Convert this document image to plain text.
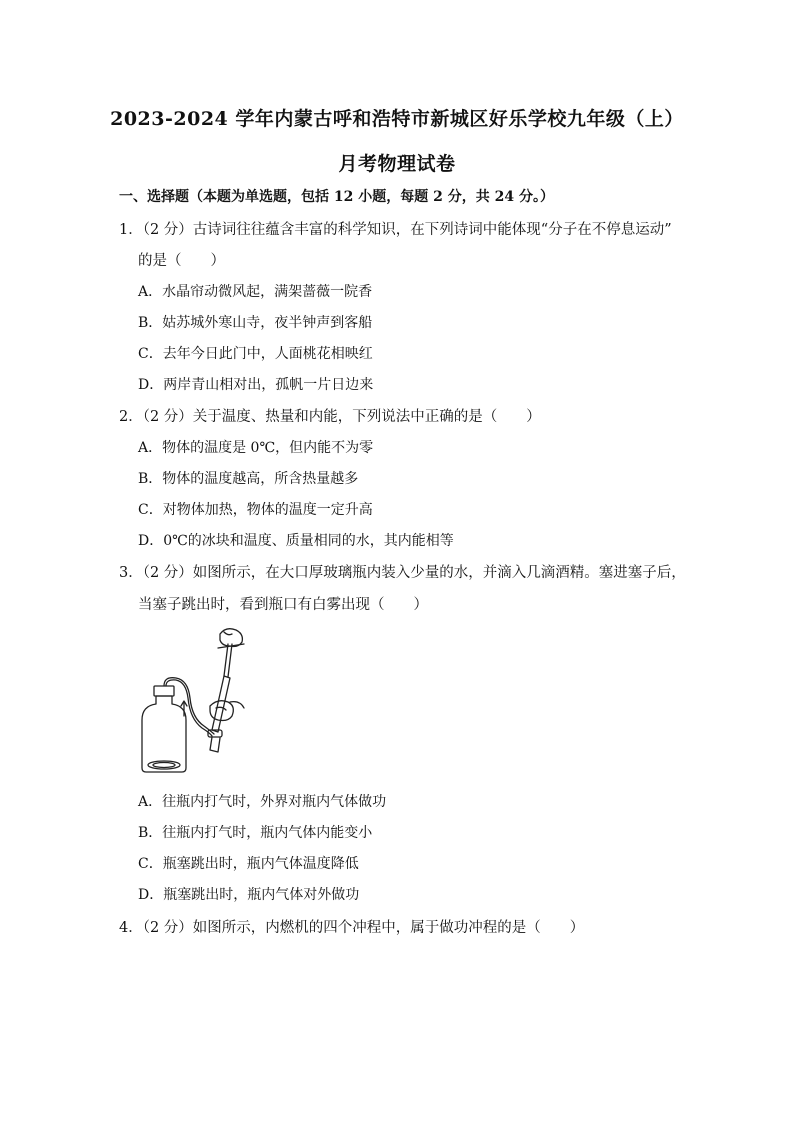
2023-2024 学年内蒙古呼和浩特市新城区好乐学校九年级（上）
月考物理试卷
一、选择题（本题为单选题，包括 12 小题，每题 2 分，共 24 分。）
1．（2 分）古诗词往往蕴含丰富的科学知识，在下列诗词中能体现“分子在不停息运动”
的是（　　）
A．水晶帘动微风起，满架蔷薇一院香
B．姑苏城外寒山寺，夜半钟声到客船
C．去年今日此门中，人面桃花相映红
D．两岸青山相对出，孤帆一片日边来
2．（2 分）关于温度、热量和内能，下列说法中正确的是（　　）
A．物体的温度是 0℃，但内能不为零
B．物体的温度越高，所含热量越多
C．对物体加热，物体的温度一定升高
D．0℃的冰块和温度、质量相同的水，其内能相等
3．（2 分）如图所示，在大口厚玻璃瓶内装入少量的水，并滴入几滴酒精。塞进塞子后，
当塞子跳出时，看到瓶口有白雾出现（　　）
A．往瓶内打气时，外界对瓶内气体做功
B．往瓶内打气时，瓶内气体内能变小
C．瓶塞跳出时，瓶内气体温度降低
D．瓶塞跳出时，瓶内气体对外做功
4．（2 分）如图所示，内燃机的四个冲程中，属于做功冲程的是（　　）
